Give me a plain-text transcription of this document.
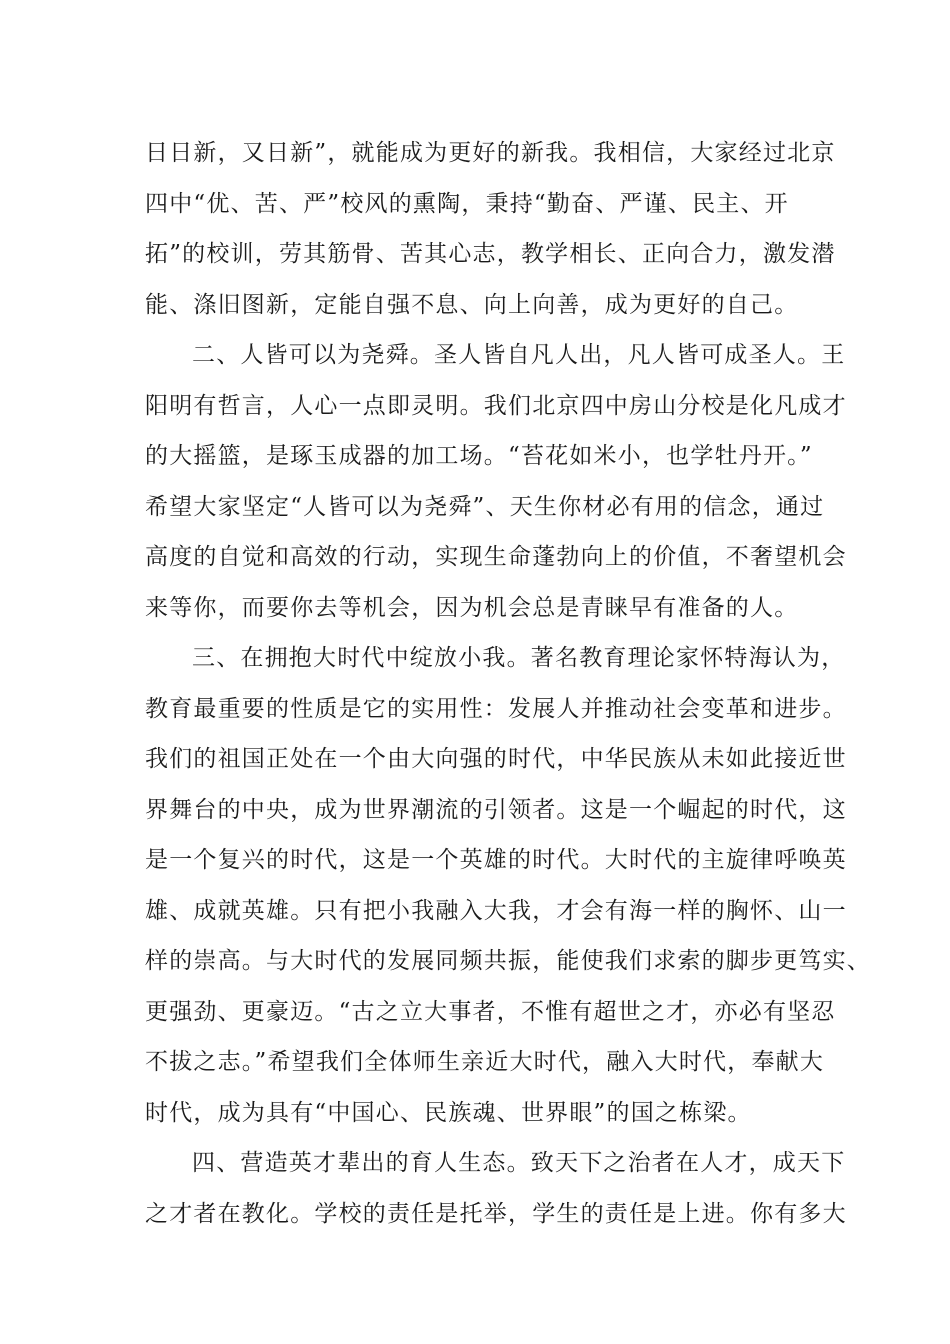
日日新，又日新”，就能成为更好的新我。我相信，大家经过北京
四中“优、苦、严”校风的熏陶，秉持“勤奋、严谨、民主、开
拓”的校训，劳其筋骨、苦其心志，教学相长、正向合力，激发潜
能、涤旧图新，定能自强不息、向上向善，成为更好的自己。
二、人皆可以为尧舜。圣人皆自凡人出，凡人皆可成圣人。王
阳明有哲言，人心一点即灵明。我们北京四中房山分校是化凡成才
的大摇篮，是琢玉成器的加工场。“苔花如米小，也学牡丹开。”
希望大家坚定“人皆可以为尧舜”、天生你材必有用的信念，通过
高度的自觉和高效的行动，实现生命蓬勃向上的价值，不奢望机会
来等你，而要你去等机会，因为机会总是青睐早有准备的人。
三、在拥抱大时代中绽放小我。著名教育理论家怀特海认为，
教育最重要的性质是它的实用性：发展人并推动社会变革和进步。
我们的祖国正处在一个由大向强的时代，中华民族从未如此接近世
界舞台的中央，成为世界潮流的引领者。这是一个崛起的时代，这
是一个复兴的时代，这是一个英雄的时代。大时代的主旋律呼唤英
雄、成就英雄。只有把小我融入大我，才会有海一样的胸怀、山一
样的崇高。与大时代的发展同频共振，能使我们求索的脚步更笃实、
更强劲、更豪迈。“古之立大事者，不惟有超世之才，亦必有坚忍
不拔之志。”希望我们全体师生亲近大时代，融入大时代，奉献大
时代，成为具有“中国心、民族魂、世界眼”的国之栋梁。
四、营造英才辈出的育人生态。致天下之治者在人才，成天下
之才者在教化。学校的责任是托举，学生的责任是上进。你有多大
